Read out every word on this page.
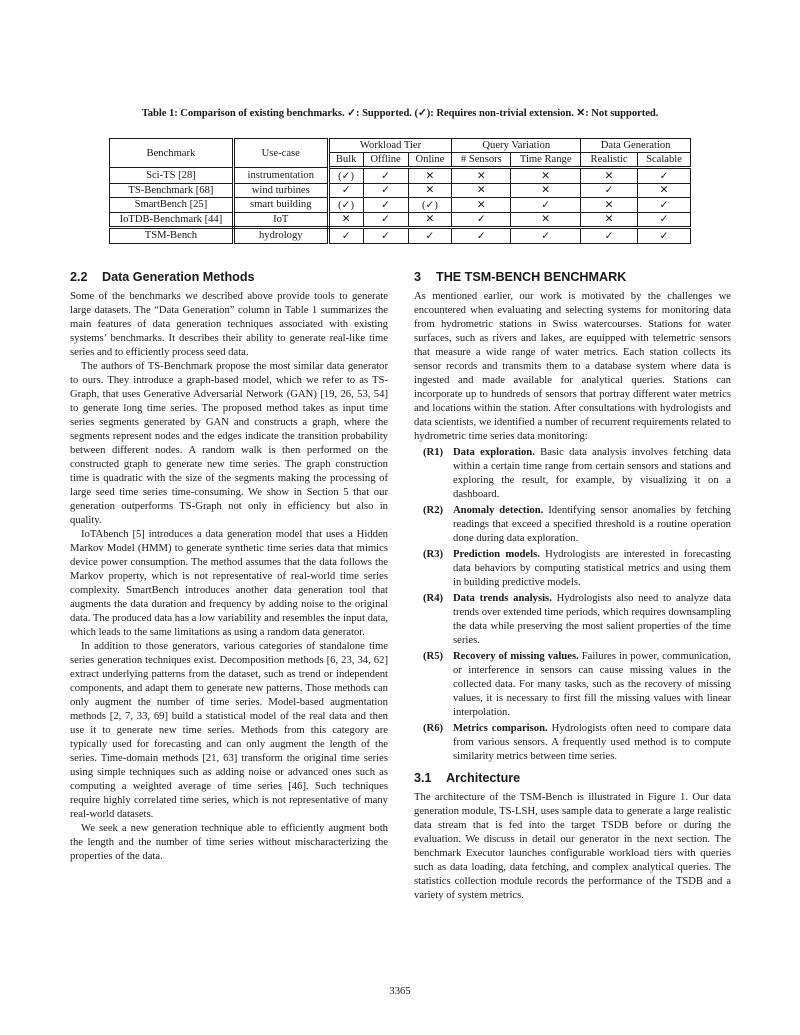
Table 1: Comparison of existing benchmarks. ✓: Supported. (✓): Requires non-trivial extension. ✕: Not supported.
Benchmark	Use-case	Workload Tier			Query Variation		Data Generation	
		Bulk	Offline	Online	# Sensors	Time Range	Realistic	Scalable
Sci-TS [28]	instrumentation	(✓)	✓	✕	✕	✕	✕	✓
TS-Benchmark [68]	wind turbines	✓	✓	✕	✕	✕	✓	✕
SmartBench [25]	smart building	(✓)	✓	(✓)	✕	✓	✕	✓
IoTDB-Benchmark [44]	IoT	✕	✓	✕	✓	✕	✕	✓
TSM-Bench	hydrology	✓	✓	✓	✓	✓	✓	✓
2.2 Data Generation Methods

Some of the benchmarks we described above provide tools to generate large datasets. The “Data Generation” column in Table 1 summarizes the main features of data generation techniques associated with existing systems’ benchmarks. It describes their ability to generate real-like time series and to efficiently process seed data.

The authors of TS-Benchmark propose the most similar data generator to ours. They introduce a graph-based model, which we refer to as TS-Graph, that uses Generative Adversarial Network (GAN) [19, 26, 53, 54] to generate long time series. The proposed method takes as input time series segments generated by GAN and constructs a graph, where the segments represent nodes and the edges indicate the transition probability between different nodes. A random walk is then performed on the constructed graph to generate new time series. The graph construction time is quadratic with the size of the segments making the processing of large seed time series time-consuming. We show in Section 5 that our generation outperforms TS-Graph not only in efficiency but also in quality.

IoTAbench [5] introduces a data generation model that uses a Hidden Markov Model (HMM) to generate synthetic time series data that mimics device power consumption. The method assumes that the data follows the Markov property, which is not representative of real-world time series complexity. SmartBench introduces another data generation tool that augments the data duration and frequency by adding noise to the original data. The produced data has a low variability and resembles the input data, which leads to the same limitations as using a random data generator.

In addition to those generators, various categories of standalone time series generation techniques exist. Decomposition methods [6, 23, 34, 62] extract underlying patterns from the dataset, such as trend or independent components, and adapt them to generate new patterns. Those methods can only augment the number of time series. Model-based augmentation methods [2, 7, 33, 69] build a statistical model of the real data and then use it to generate new time series. Methods from this category are typically used for forecasting and can only augment the length of the series. Time-domain methods [21, 63] transform the original time series using simple techniques such as adding noise or advanced ones such as computing a weighted average of time series [46]. Such techniques require highly correlated time series, which is not representative of many real-world datasets.

We seek a new generation technique able to efficiently augment both the length and the number of time series without mischaracterizing the properties of the data.

3 THE TSM-BENCH BENCHMARK

As mentioned earlier, our work is motivated by the challenges we encountered when evaluating and selecting systems for monitoring data from hydrometric stations in Swiss watercourses. Stations for water surfaces, such as rivers and lakes, are equipped with telemetric sensors that measure a wide range of water metrics. Each station collects its sensor records and transmits them to a database system where data is ingested and made available for analytical queries. Stations can incorporate up to hundreds of sensors that portray different water metrics and locations within the station. After consultations with hydrologists and data scientists, we identified a number of recurrent requirements related to hydrometric time series data monitoring:

(R1) Data exploration. Basic data analysis involves fetching data within a certain time range from certain sensors and stations and exploring the result, for example, by visualizing it on a dashboard.
(R2) Anomaly detection. Identifying sensor anomalies by fetching readings that exceed a specified threshold is a routine operation done during data exploration.
(R3) Prediction models. Hydrologists are interested in forecasting data behaviors by computing statistical metrics and using them in building predictive models.
(R4) Data trends analysis. Hydrologists also need to analyze data trends over extended time periods, which requires downsampling the data while preserving the most salient properties of the time series.
(R5) Recovery of missing values. Failures in power, communication, or interference in sensors can cause missing values in the collected data. For many tasks, such as the recovery of missing values, it is necessary to first fill the missing values with linear interpolation.
(R6) Metrics comparison. Hydrologists often need to compare data from various sensors. A frequently used method is to compute similarity metrics between time series.
3.1 Architecture

The architecture of the TSM-Bench is illustrated in Figure 1. Our data generation module, TS-LSH, uses sample data to generate a large realistic data stream that is fed into the target TSDB before or during the evaluation. We discuss in detail our generator in the next section. The benchmark Executor launches configurable workload tiers with queries such as data loading, data fetching, and complex analytical queries. The statistics collection module records the performance of the TSDB and a variety of system metrics.

3365
